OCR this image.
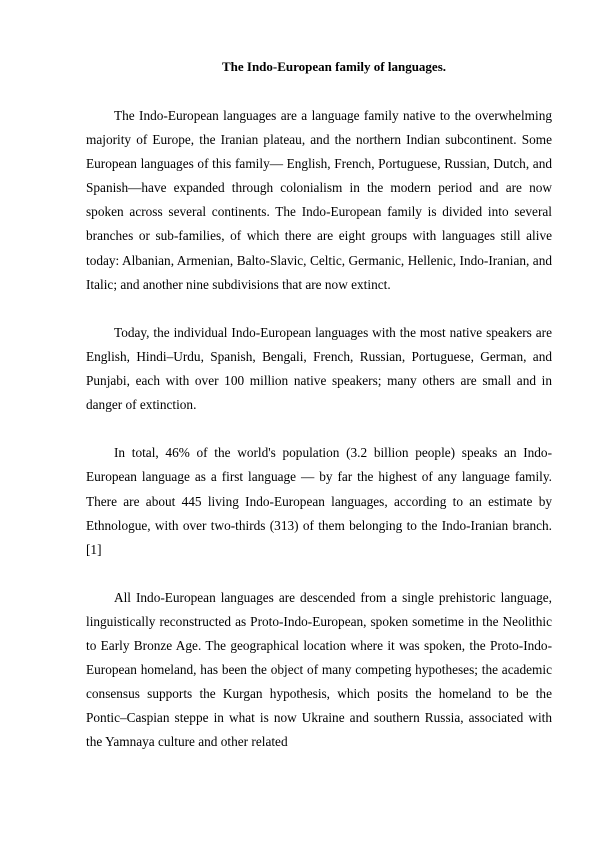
The Indo-European family of languages.

The Indo-European languages are a language family native to the overwhelming majority of Europe, the Iranian plateau, and the northern Indian subcontinent. Some European languages of this family— English, French, Portuguese, Russian, Dutch, and Spanish—have expanded through colonialism in the modern period and are now spoken across several continents. The Indo-European family is divided into several branches or sub-families, of which there are eight groups with languages still alive today: Albanian, Armenian, Balto-Slavic, Celtic, Germanic, Hellenic, Indo-Iranian, and Italic; and another nine subdivisions that are now extinct.

Today, the individual Indo-European languages with the most native speakers are English, Hindi–Urdu, Spanish, Bengali, French, Russian, Portuguese, German, and Punjabi, each with over 100 million native speakers; many others are small and in danger of extinction.

In total, 46% of the world's population (3.2 billion people) speaks an Indo-European language as a first language — by far the highest of any language family. There are about 445 living Indo-European languages, according to an estimate by Ethnologue, with over two-thirds (313) of them belonging to the Indo-Iranian branch.[1]

All Indo-European languages are descended from a single prehistoric language, linguistically reconstructed as Proto-Indo-European, spoken sometime in the Neolithic to Early Bronze Age. The geographical location where it was spoken, the Proto-Indo-European homeland, has been the object of many competing hypotheses; the academic consensus supports the Kurgan hypothesis, which posits the homeland to be the Pontic–Caspian steppe in what is now Ukraine and southern Russia, associated with the Yamnaya culture and other related
